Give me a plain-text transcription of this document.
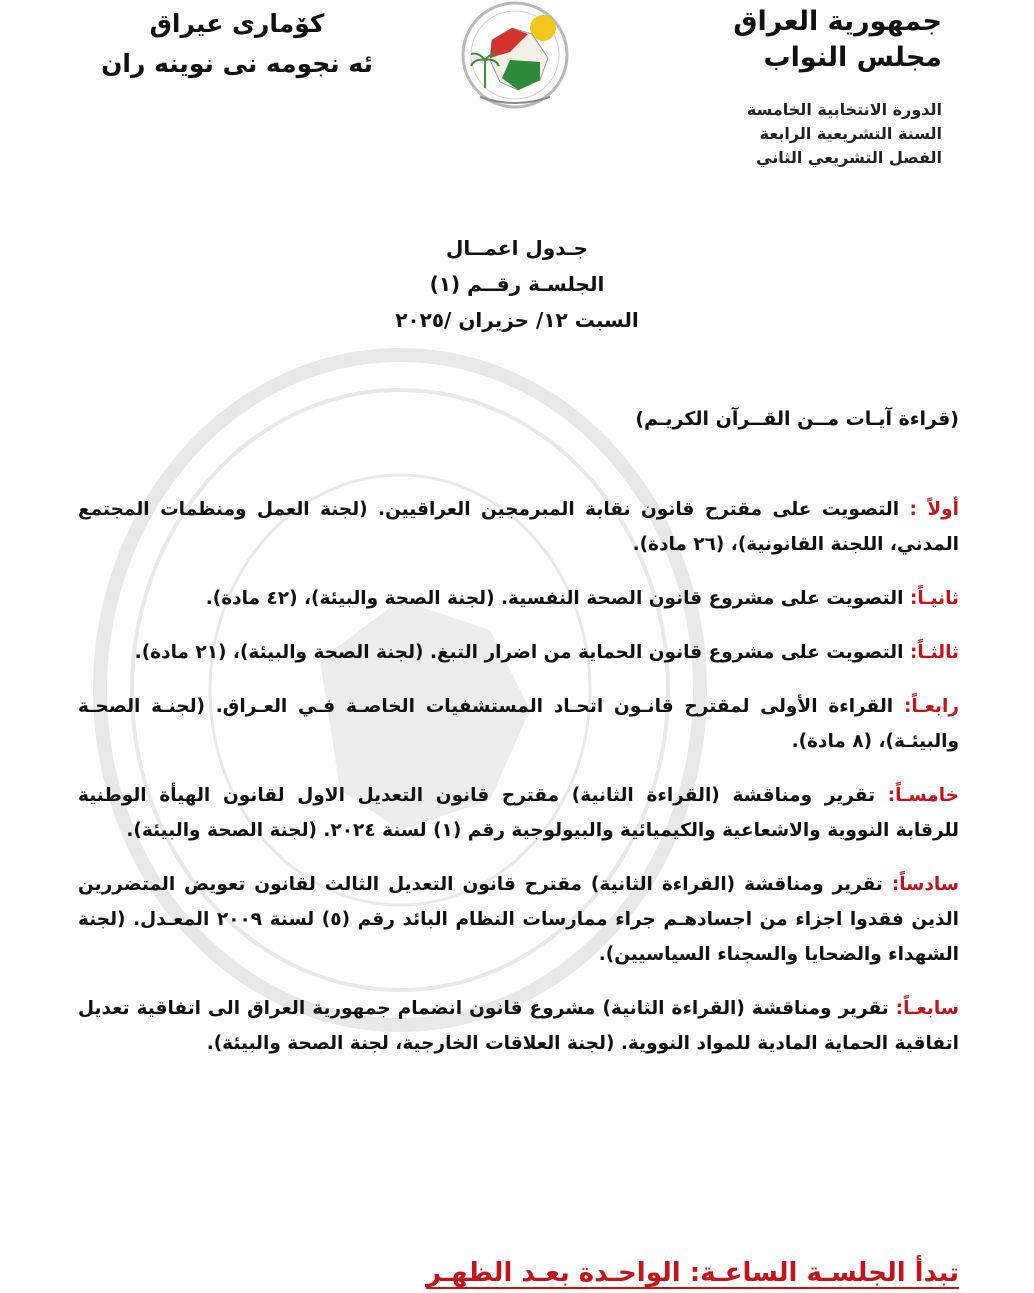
جمهورية العراق
مجلس النواب
الدورة الانتخابية الخامسة
السنة التشريعية الرابعة
الفصل التشريعي الثاني
كۆمارى عيراق
ئه نجومه نی نوینه ران
جـدول اعمــال
الجلسـة رقــم (١)
السبت ١٢/ حزيران /٢٠٢٥
(قراءة آيـات مــن القــرآن الكريـم)
أولاً : التصويت على مقترح قانون نقابة المبرمجين العراقيين. (لجنة العمل ومنظمات المجتمع المدني، اللجنة القانونية)، (٢٦ مادة).
ثانيـاً: التصويت على مشروع قانون الصحة النفسية. (لجنة الصحة والبيئة)، (٤٢ مادة).
ثالثـاً: التصويت على مشروع قانون الحماية من اضرار التبغ. (لجنة الصحة والبيئة)، (٢١ مادة).
رابعـاً: القراءة الأولى لمقترح قانـون اتحـاد المستشفيات الخاصـة فـي العـراق. (لجنـة الصحـة والبيئـة)، (٨ مادة).
خامسـاً: تقرير ومناقشة (القراءة الثانية) مقترح قانون التعديل الاول لقانون الهيأة الوطنية للرقابة النووية والاشعاعية والكيميائية والبيولوجية رقم (١) لسنة ٢٠٢٤. (لجنة الصحة والبيئة).
سادساً: تقرير ومناقشة (القراءة الثانية) مقترح قانون التعديل الثالث لقانون تعويض المتضررين الذين فقدوا اجزاء من اجسادهـم جراء ممارسات النظام البائد رقم (٥) لسنة ٢٠٠٩ المعـدل. (لجنة الشهداء والضحايا والسجناء السياسيين).
سابعـاً: تقرير ومناقشة (القراءة الثانية) مشروع قانون انضمام جمهورية العراق الى اتفاقية تعديل اتفاقية الحماية المادية للمواد النووية. (لجنة العلاقات الخارجية، لجنة الصحة والبيئة).
تبدأ الجلسـة الساعـة: الواحـدة بعـد الظهـر
